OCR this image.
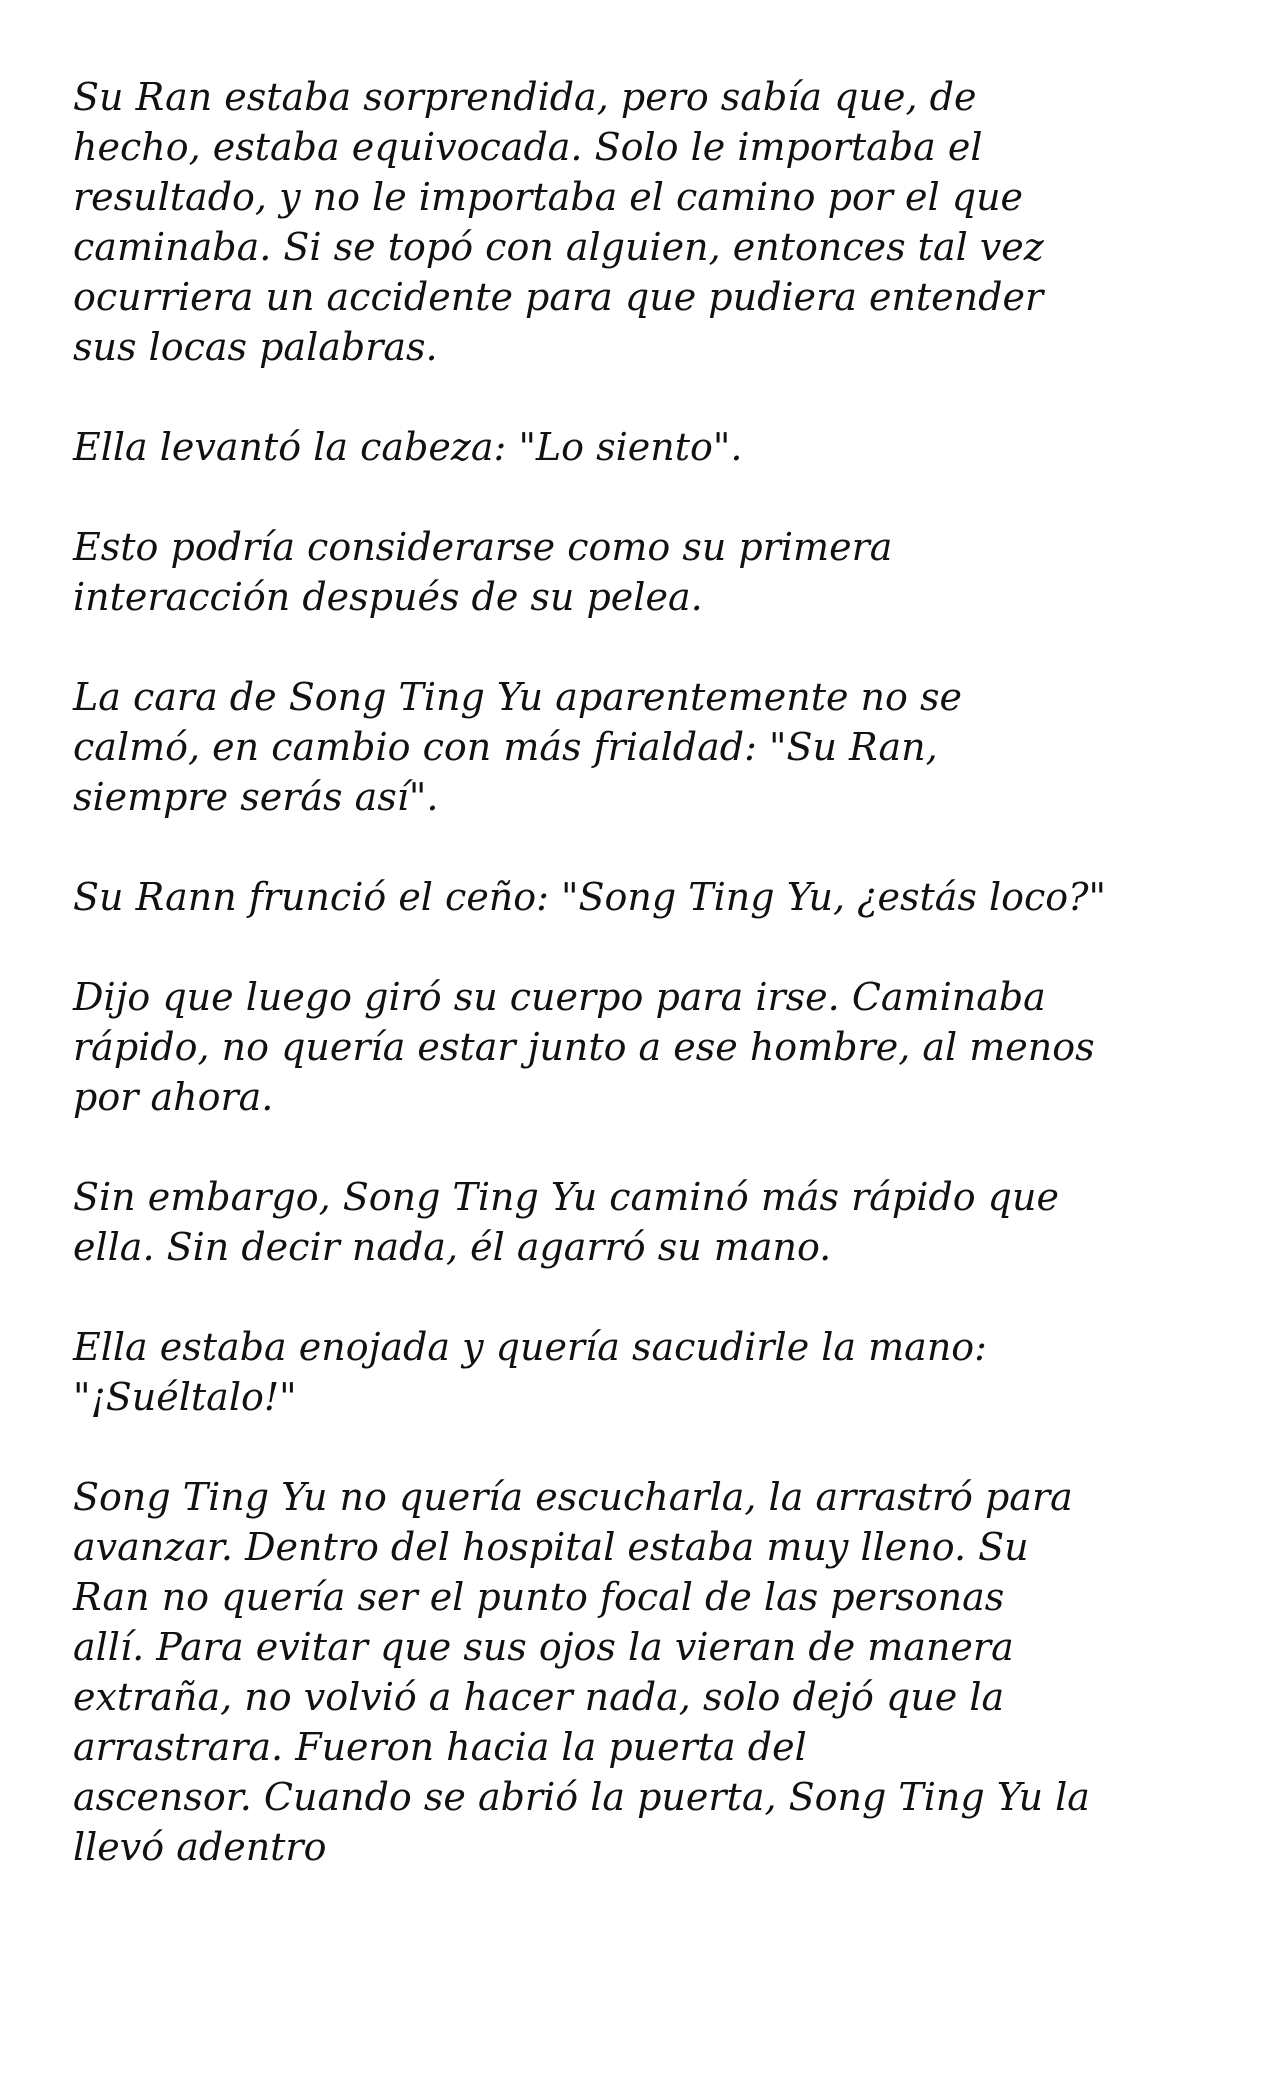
Su Ran estaba sorprendida, pero sabía que, de
hecho, estaba equivocada. Solo le importaba el
resultado, y no le importaba el camino por el que
caminaba. Si se topó con alguien, entonces tal vez
ocurriera un accidente para que pudiera entender
sus locas palabras.

Ella levantó la cabeza: "Lo siento".

Esto podría considerarse como su primera
interacción después de su pelea.

La cara de Song Ting Yu aparentemente no se
calmó, en cambio con más frialdad: "Su Ran,
siempre serás así".

Su Rann frunció el ceño: "Song Ting Yu, ¿estás loco?"

Dijo que luego giró su cuerpo para irse. Caminaba
rápido, no quería estar junto a ese hombre, al menos
por ahora.

Sin embargo, Song Ting Yu caminó más rápido que
ella. Sin decir nada, él agarró su mano.

Ella estaba enojada y quería sacudirle la mano:
"¡Suéltalo!"

Song Ting Yu no quería escucharla, la arrastró para
avanzar. Dentro del hospital estaba muy lleno. Su
Ran no quería ser el punto focal de las personas
allí. Para evitar que sus ojos la vieran de manera
extraña, no volvió a hacer nada, solo dejó que la
arrastrara. Fueron hacia la puerta del
ascensor. Cuando se abrió la puerta, Song Ting Yu la
llevó adentro
